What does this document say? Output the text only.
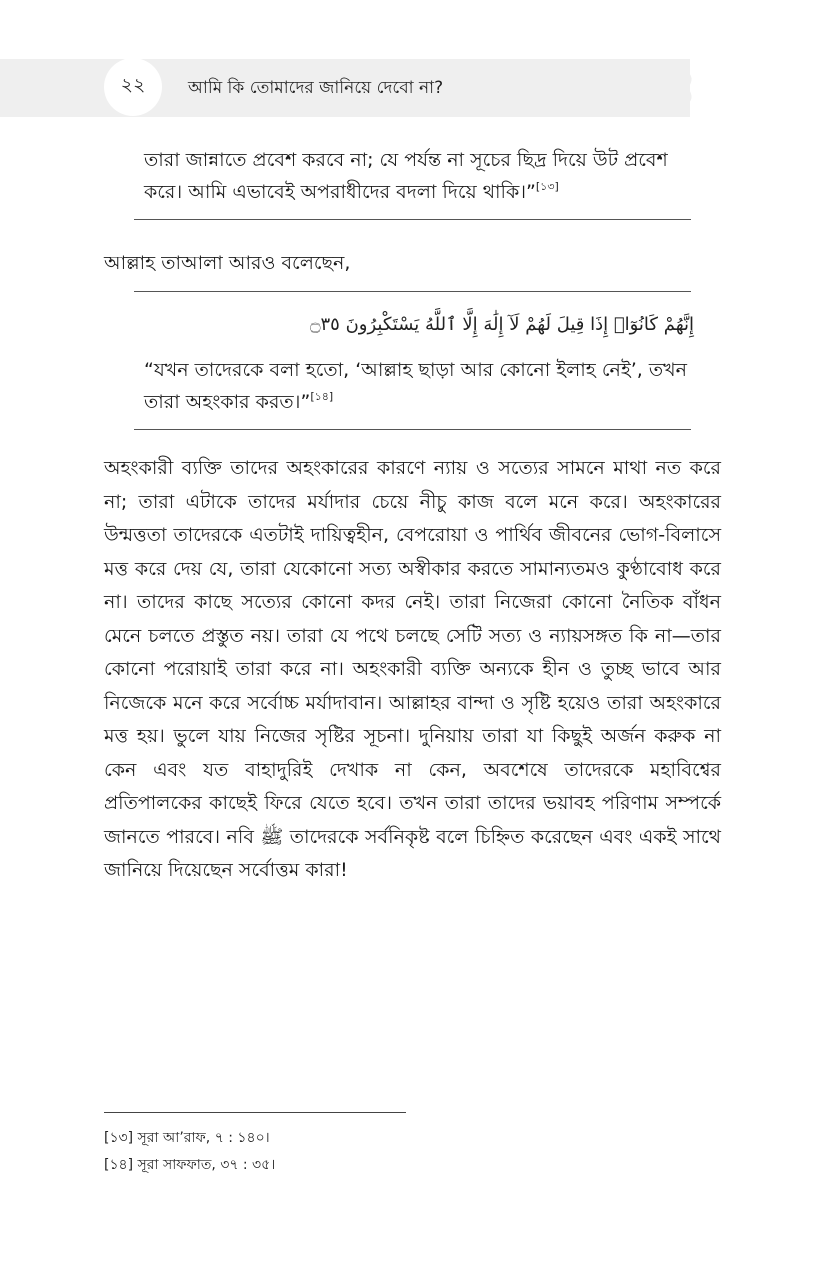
২২	আমি কি তোমাদের জানিয়ে দেবো না?
তারা জান্নাতে প্রবেশ করবে না; যে পর্যন্ত না সূচের ছিদ্র দিয়ে উট প্রবেশ করে। আমি এভাবেই অপরাধীদের বদলা দিয়ে থাকি।”[১৩]
আল্লাহ তাআলা আরও বলেছেন,
إِنَّهُمْ كَانُوٓا۟ إِذَا قِيلَ لَهُمْ لَآ إِلَٰهَ إِلَّا ٱللَّهُ يَسْتَكْبِرُونَ ۝٣٥
“যখন তাদেরকে বলা হতো, ‘আল্লাহ ছাড়া আর কোনো ইলাহ নেই’, তখন তারা অহংকার করত।”[১৪]
অহংকারী ব্যক্তি তাদের অহংকারের কারণে ন্যায় ও সত্যের সামনে মাথা নত করে না; তারা এটাকে তাদের মর্যাদার চেয়ে নীচু কাজ বলে মনে করে। অহংকারের উন্মত্ততা তাদেরকে এতটাই দায়িত্বহীন, বেপরোয়া ও পার্থিব জীবনের ভোগ-বিলাসে মত্ত করে দেয় যে, তারা যেকোনো সত্য অস্বীকার করতে সামান্যতমও কুণ্ঠাবোধ করে না। তাদের কাছে সত্যের কোনো কদর নেই। তারা নিজেরা কোনো নৈতিক বাঁধন মেনে চলতে প্রস্তুত নয়। তারা যে পথে চলছে সেটি সত্য ও ন্যায়সঙ্গত কি না—তার কোনো পরোয়াই তারা করে না। অহংকারী ব্যক্তি অন্যকে হীন ও তুচ্ছ ভাবে আর নিজেকে মনে করে সর্বোচ্চ মর্যাদাবান। আল্লাহর বান্দা ও সৃষ্টি হয়েও তারা অহংকারে মত্ত হয়। ভুলে যায় নিজের সৃষ্টির সূচনা। দুনিয়ায় তারা যা কিছুই অর্জন করুক না কেন এবং যত বাহাদুরিই দেখাক না কেন, অবশেষে তাদেরকে মহাবিশ্বের প্রতিপালকের কাছেই ফিরে যেতে হবে। তখন তারা তাদের ভয়াবহ পরিণাম সম্পর্কে জানতে পারবে। নবি ﷺ তাদেরকে সর্বনিকৃষ্ট বলে চিহ্নিত করেছেন এবং একই সাথে জানিয়ে দিয়েছেন সর্বোত্তম কারা!
[১৩] সূরা আ’রাফ, ৭ : ১৪০।
[১৪] সূরা সাফফাত, ৩৭ : ৩৫।
